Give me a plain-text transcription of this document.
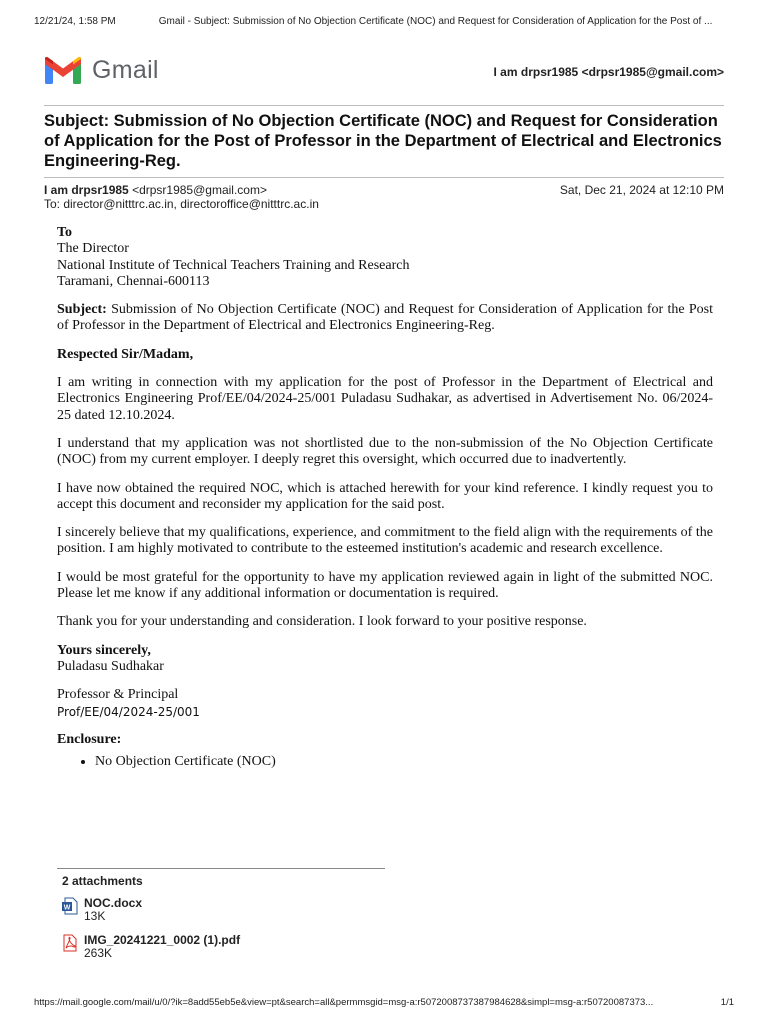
12/21/24, 1:58 PM	Gmail - Subject: Submission of No Objection Certificate (NOC) and Request for Consideration of Application for the Post of ...
Gmail	I am drpsr1985 <drpsr1985@gmail.com>
Subject: Submission of No Objection Certificate (NOC) and Request for Consideration of Application for the Post of Professor in the Department of Electrical and Electronics Engineering-Reg.
I am drpsr1985 <drpsr1985@gmail.com>	Sat, Dec 21, 2024 at 12:10 PM
To: director@nitttrc.ac.in, directoroffice@nitttrc.ac.in
To
The Director
National Institute of Technical Teachers Training and Research
Taramani, Chennai-600113

Subject: Submission of No Objection Certificate (NOC) and Request for Consideration of Application for the Post of Professor in the Department of Electrical and Electronics Engineering-Reg.

Respected Sir/Madam,

I am writing in connection with my application for the post of Professor in the Department of Electrical and Electronics Engineering Prof/EE/04/2024-25/001 Puladasu Sudhakar, as advertised in Advertisement No. 06/2024-25 dated 12.10.2024.

I understand that my application was not shortlisted due to the non-submission of the No Objection Certificate (NOC) from my current employer. I deeply regret this oversight, which occurred due to inadvertently.

I have now obtained the required NOC, which is attached herewith for your kind reference. I kindly request you to accept this document and reconsider my application for the said post.

I sincerely believe that my qualifications, experience, and commitment to the field align with the requirements of the position. I am highly motivated to contribute to the esteemed institution's academic and research excellence.

I would be most grateful for the opportunity to have my application reviewed again in light of the submitted NOC. Please let me know if any additional information or documentation is required.

Thank you for your understanding and consideration. I look forward to your positive response.

Yours sincerely,
Puladasu Sudhakar
Professor & Principal
Prof/EE/04/2024-25/001
Enclosure:
• No Objection Certificate (NOC)
2 attachments
W NOC.docx
13K
IMG_20241221_0002 (1).pdf
263K
https://mail.google.com/mail/u/0/?ik=8add55eb5e&view=pt&search=all&permmsgid=msg-a:r5072008737387984628&simpl=msg-a:r50720087373...	1/1
